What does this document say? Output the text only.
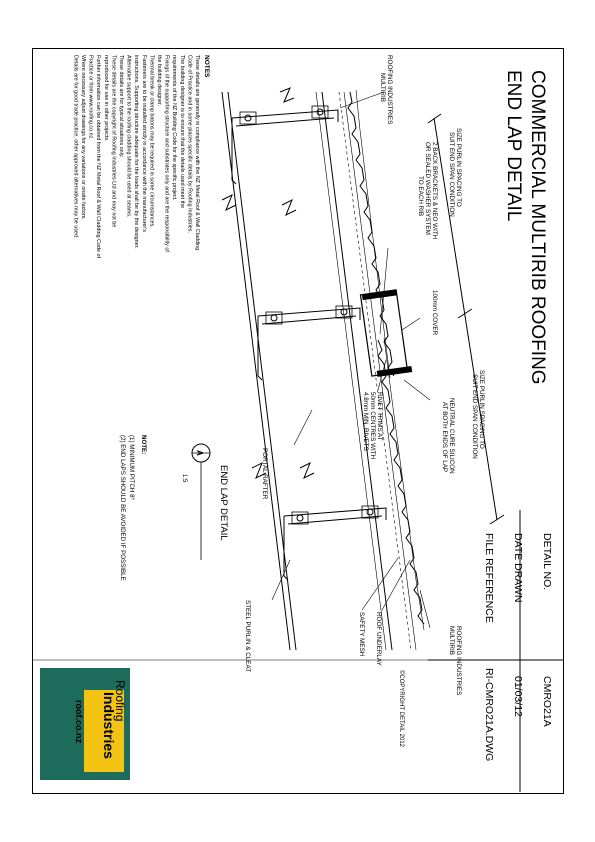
COMMERCIAL MULTIRIB ROOFING
END LAP DETAIL
NOTES
These details are generally in compliance with the NZ Metal Roof & Wall Cladding
Code of Practice and in some places specific details by Roofing Industries.
The building designer is to ensure that the details used meet the
requirements of the NZ Building Code for the specific project.
Fixings of the supporting structure and substrates only and are the responsibility of
the building designer.
Thermal break or clamp batons may be required in some circumstances.
Fasteners are to be installed strictly in accordance with the manufacturer's
instructions. Supporting structure adequate for the loads shall be by the designer.
Alternative support to the roofing cladding should be used at seams.
These details are for typical situations only.
These details are the copyright of Roofing Industries Ltd and may not be
reproduced for use in other projects.
Further information can be obtained from the NZ Metal Roof & Wall Cladding Code of
Practice or from www.roofing.co.nz.
Where necessary adjust drawings for any variations or onsite factors.
Details are for good trade practice, other approved alternatives may be used.	ROOFING INDUSTRIES
MULTIRIB
SIZE PURLIN SPACING TO
SUIT END SPAN CONDITION
SIZE PURLIN SPACING TO
SUIT END SPAN CONDITION
2 BACK BRACKETS & NEO WITH
OR SEALED WASHER SYSTEM
TO EACH RIB
100mm COVER
NEUTRAL CURE SILICON
AT BOTH ENDS OF LAP
RIVET TRIMS AT
50mm CENTRES WITH
4.8mm MIN. RIVETS
PORTAL RAFTER
STEEL PURLIN & CLEAT	ROOFING INDUSTRIES
MULTIRIB
ROOF UNDERLAY
SAFETY MESH
A
1:5	END LAP DETAIL
NOTE:
(1) MINIMUM PITCH 8°
(2) END LAPS SHOULD BE AVOIDED IF POSSIBLE	DETAIL NO.
CMRO21A
DATE DRAWN
01/03/12
FILE REFERENCE
RI-CMRO21A.DWG
©COPYRIGHT DETAIL 2012
Roofing
Industries
roof.co.nz
